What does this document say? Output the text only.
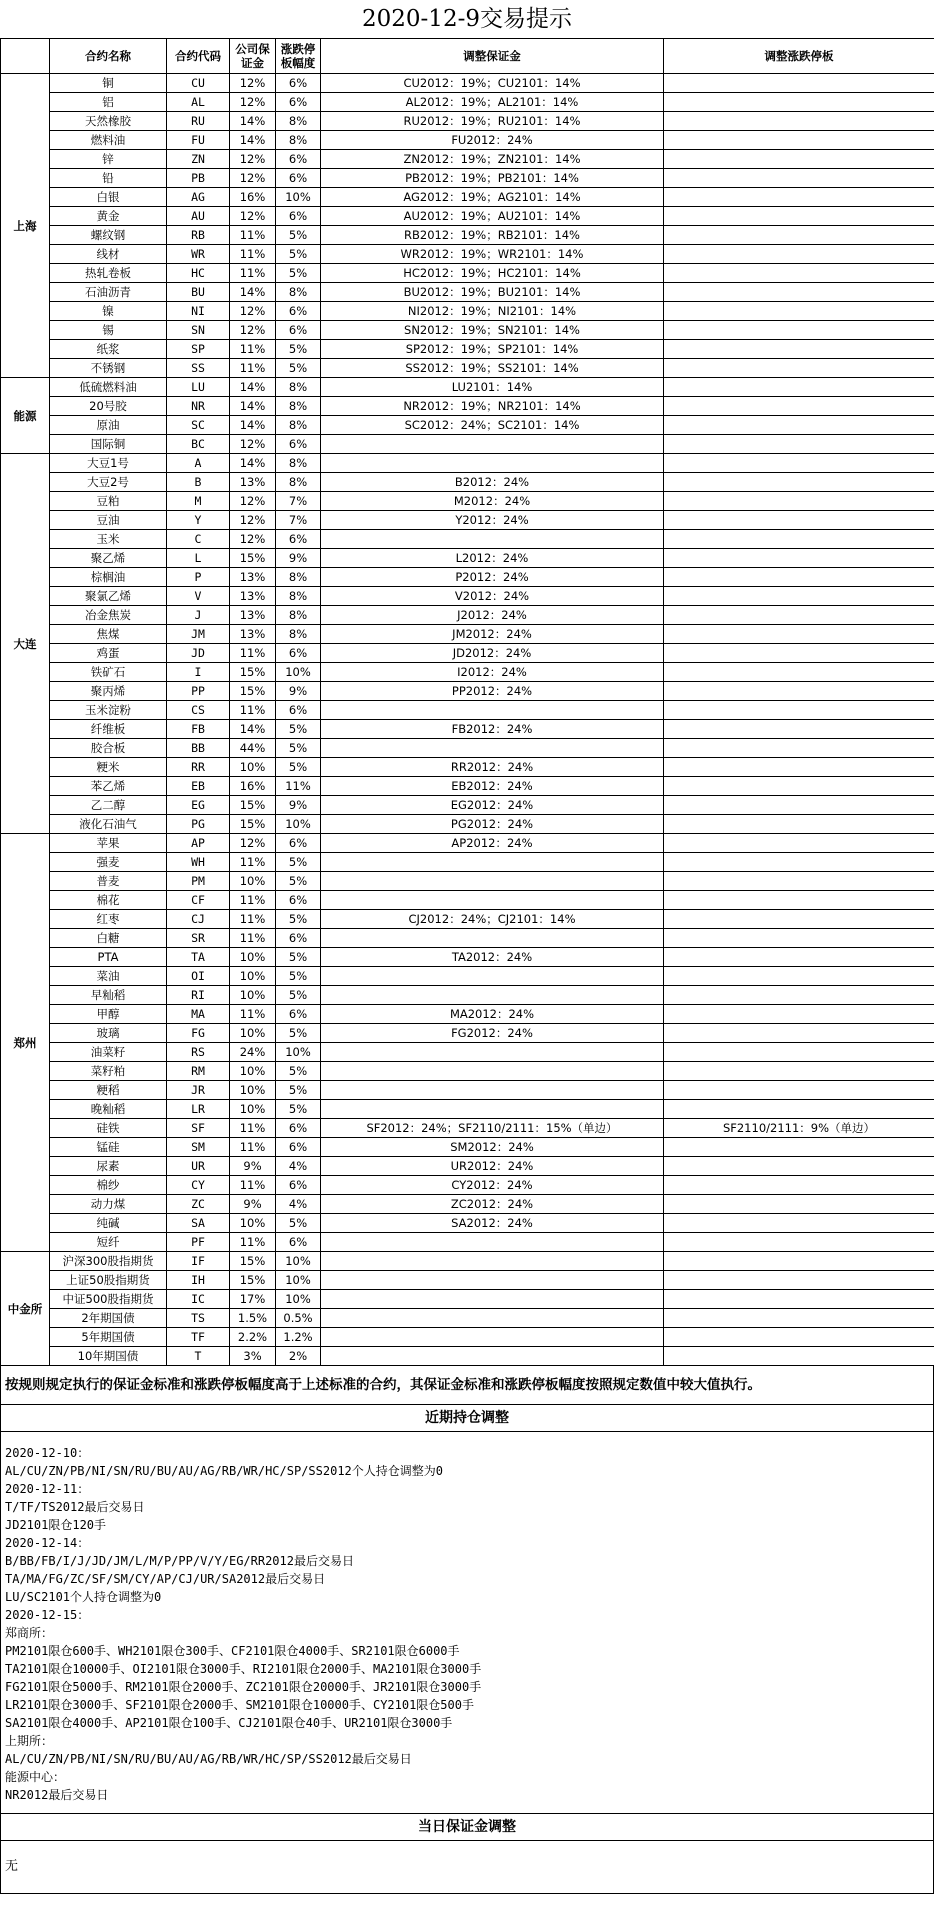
2020-12-9交易提示
	合约名称	合约代码	公司保证金	涨跌停板幅度	调整保证金	调整涨跌停板
上海	铜	CU	12%	6%	CU2012：19%；CU2101：14%	
	铝	AL	12%	6%	AL2012：19%；AL2101：14%	
	天然橡胶	RU	14%	8%	RU2012：19%；RU2101：14%	
	燃料油	FU	14%	8%	FU2012：24%	
	锌	ZN	12%	6%	ZN2012：19%；ZN2101：14%	
	铅	PB	12%	6%	PB2012：19%；PB2101：14%	
	白银	AG	16%	10%	AG2012：19%；AG2101：14%	
	黄金	AU	12%	6%	AU2012：19%；AU2101：14%	
	螺纹钢	RB	11%	5%	RB2012：19%；RB2101：14%	
	线材	WR	11%	5%	WR2012：19%；WR2101：14%	
	热轧卷板	HC	11%	5%	HC2012：19%；HC2101：14%	
	石油沥青	BU	14%	8%	BU2012：19%；BU2101：14%	
	镍	NI	12%	6%	NI2012：19%；NI2101：14%	
	锡	SN	12%	6%	SN2012：19%；SN2101：14%	
	纸浆	SP	11%	5%	SP2012：19%；SP2101：14%	
	不锈钢	SS	11%	5%	SS2012：19%；SS2101：14%	
能源	低硫燃料油	LU	14%	8%	LU2101：14%	
	20号胶	NR	14%	8%	NR2012：19%；NR2101：14%	
	原油	SC	14%	8%	SC2012：24%；SC2101：14%	
	国际铜	BC	12%	6%		
大连	大豆1号	A	14%	8%		
	大豆2号	B	13%	8%	B2012：24%	
	豆粕	M	12%	7%	M2012：24%	
	豆油	Y	12%	7%	Y2012：24%	
	玉米	C	12%	6%		
	聚乙烯	L	15%	9%	L2012：24%	
	棕榈油	P	13%	8%	P2012：24%	
	聚氯乙烯	V	13%	8%	V2012：24%	
	冶金焦炭	J	13%	8%	J2012：24%	
	焦煤	JM	13%	8%	JM2012：24%	
	鸡蛋	JD	11%	6%	JD2012：24%	
	铁矿石	I	15%	10%	I2012：24%	
	聚丙烯	PP	15%	9%	PP2012：24%	
	玉米淀粉	CS	11%	6%		
	纤维板	FB	14%	5%	FB2012：24%	
	胶合板	BB	44%	5%		
	粳米	RR	10%	5%	RR2012：24%	
	苯乙烯	EB	16%	11%	EB2012：24%	
	乙二醇	EG	15%	9%	EG2012：24%	
	液化石油气	PG	15%	10%	PG2012：24%	
郑州	苹果	AP	12%	6%	AP2012：24%	
	强麦	WH	11%	5%		
	普麦	PM	10%	5%		
	棉花	CF	11%	6%		
	红枣	CJ	11%	5%	CJ2012：24%；CJ2101：14%	
	白糖	SR	11%	6%		
	PTA	TA	10%	5%	TA2012：24%	
	菜油	OI	10%	5%		
	早籼稻	RI	10%	5%		
	甲醇	MA	11%	6%	MA2012：24%	
	玻璃	FG	10%	5%	FG2012：24%	
	油菜籽	RS	24%	10%		
	菜籽粕	RM	10%	5%		
	粳稻	JR	10%	5%		
	晚籼稻	LR	10%	5%		
	硅铁	SF	11%	6%	SF2012：24%；SF2110/2111：15%（单边）	SF2110/2111：9%（单边）
	锰硅	SM	11%	6%	SM2012：24%	
	尿素	UR	9%	4%	UR2012：24%	
	棉纱	CY	11%	6%	CY2012：24%	
	动力煤	ZC	9%	4%	ZC2012：24%	
	纯碱	SA	10%	5%	SA2012：24%	
	短纤	PF	11%	6%		
中金所	沪深300股指期货	IF	15%	10%		
	上证50股指期货	IH	15%	10%		
	中证500股指期货	IC	17%	10%		
	2年期国债	TS	1.5%	0.5%		
	5年期国债	TF	2.2%	1.2%		
	10年期国债	T	3%	2%		
按规则规定执行的保证金标准和涨跌停板幅度高于上述标准的合约，其保证金标准和涨跌停板幅度按照规定数值中较大值执行。
近期持仓调整
2020-12-10：
AL/CU/ZN/PB/NI/SN/RU/BU/AU/AG/RB/WR/HC/SP/SS2012个人持仓调整为0
2020-12-11：
T/TF/TS2012最后交易日
JD2101限仓120手
2020-12-14：
B/BB/FB/I/J/JD/JM/L/M/P/PP/V/Y/EG/RR2012最后交易日
TA/MA/FG/ZC/SF/SM/CY/AP/CJ/UR/SA2012最后交易日
LU/SC2101个人持仓调整为0
2020-12-15：
郑商所：
PM2101限仓600手、WH2101限仓300手、CF2101限仓4000手、SR2101限仓6000手
TA2101限仓10000手、OI2101限仓3000手、RI2101限仓2000手、MA2101限仓3000手
FG2101限仓5000手、RM2101限仓2000手、ZC2101限仓20000手、JR2101限仓3000手
LR2101限仓3000手、SF2101限仓2000手、SM2101限仓10000手、CY2101限仓500手
SA2101限仓4000手、AP2101限仓100手、CJ2101限仓40手、UR2101限仓3000手
上期所：
AL/CU/ZN/PB/NI/SN/RU/BU/AU/AG/RB/WR/HC/SP/SS2012最后交易日
能源中心：
NR2012最后交易日
当日保证金调整
无
